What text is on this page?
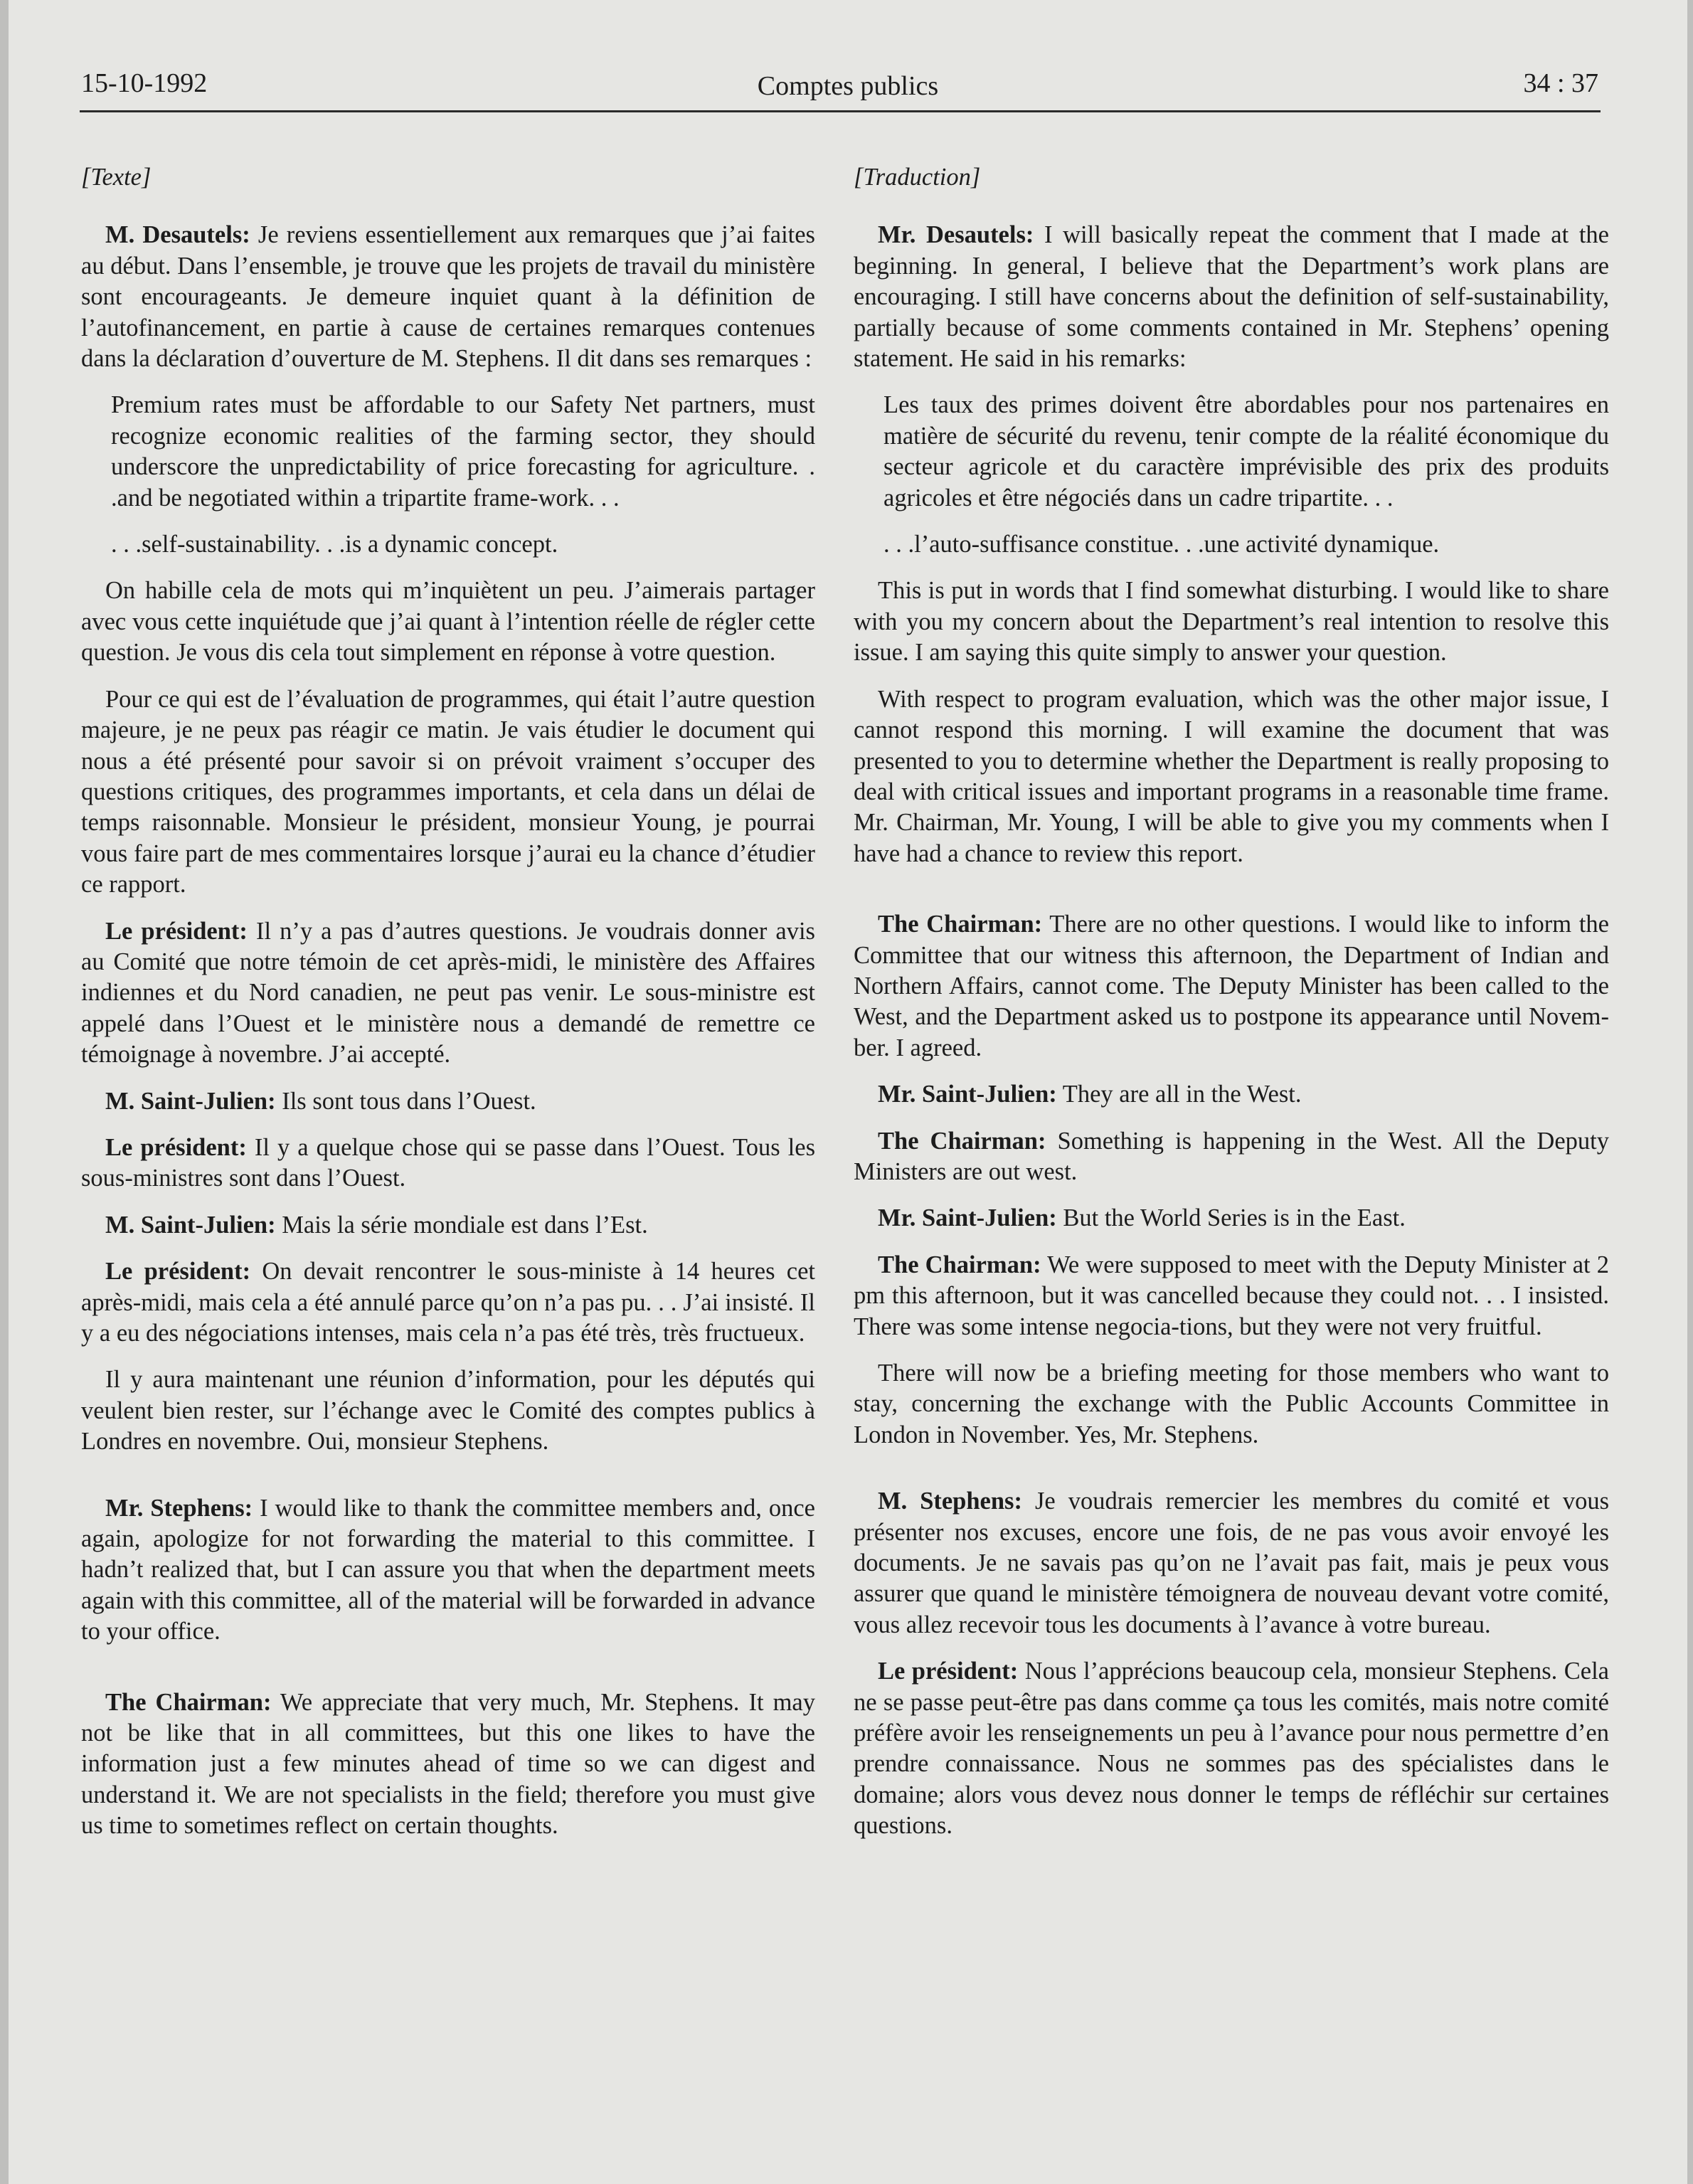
15-10-1992	Comptes publics	34 : 37
[Texte]

M. Desautels: Je reviens essentiellement aux remarques que j’ai faites au début. Dans l’ensemble, je trouve que les projets de travail du ministère sont encourageants. Je demeure inquiet quant à la définition de l’autofinancement, en partie à cause de certaines remarques contenues dans la déclaration d’ouverture de M. Stephens. Il dit dans ses remarques :

Premium rates must be affordable to our Safety Net partners, must recognize economic realities of the farming sector, they should underscore the unpredictability of price forecasting for agriculture. . .and be negotiated within a tripartite frame-work. . .

. . .self-sustainability. . .is a dynamic concept.

On habille cela de mots qui m’inquiètent un peu. J’aimerais partager avec vous cette inquiétude que j’ai quant à l’intention réelle de régler cette question. Je vous dis cela tout simplement en réponse à votre question.

Pour ce qui est de l’évaluation de programmes, qui était l’autre question majeure, je ne peux pas réagir ce matin. Je vais étudier le document qui nous a été présenté pour savoir si on prévoit vraiment s’occuper des questions critiques, des programmes importants, et cela dans un délai de temps raisonnable. Monsieur le président, monsieur Young, je pourrai vous faire part de mes commentaires lorsque j’aurai eu la chance d’étudier ce rapport.

Le président: Il n’y a pas d’autres questions. Je voudrais donner avis au Comité que notre témoin de cet après-midi, le ministère des Affaires indiennes et du Nord canadien, ne peut pas venir. Le sous-ministre est appelé dans l’Ouest et le ministère nous a demandé de remettre ce témoignage à novembre. J’ai accepté.

M. Saint-Julien: Ils sont tous dans l’Ouest.

Le président: Il y a quelque chose qui se passe dans l’Ouest. Tous les sous-ministres sont dans l’Ouest.

M. Saint-Julien: Mais la série mondiale est dans l’Est.

Le président: On devait rencontrer le sous-ministe à 14 heures cet après-midi, mais cela a été annulé parce qu’on n’a pas pu. . . J’ai insisté. Il y a eu des négociations intenses, mais cela n’a pas été très, très fructueux.

Il y aura maintenant une réunion d’information, pour les députés qui veulent bien rester, sur l’échange avec le Comité des comptes publics à Londres en novembre. Oui, monsieur Stephens.

Mr. Stephens: I would like to thank the committee members and, once again, apologize for not forwarding the material to this committee. I hadn’t realized that, but I can assure you that when the department meets again with this committee, all of the material will be forwarded in advance to your office.

The Chairman: We appreciate that very much, Mr. Stephens. It may not be like that in all committees, but this one likes to have the information just a few minutes ahead of time so we can digest and understand it. We are not specialists in the field; therefore you must give us time to sometimes reflect on certain thoughts.

[Traduction]

Mr. Desautels: I will basically repeat the comment that I made at the beginning. In general, I believe that the Department’s work plans are encouraging. I still have concerns about the definition of self-sustainability, partially because of some comments contained in Mr. Stephens’ opening statement. He said in his remarks:

Les taux des primes doivent être abordables pour nos partenaires en matière de sécurité du revenu, tenir compte de la réalité économique du secteur agricole et du caractère imprévisible des prix des produits agricoles et être négociés dans un cadre tripartite. . .

. . .l’auto-suffisance constitue. . .une activité dynamique.

This is put in words that I find somewhat disturbing. I would like to share with you my concern about the Department’s real intention to resolve this issue. I am saying this quite simply to answer your question.

With respect to program evaluation, which was the other major issue, I cannot respond this morning. I will examine the document that was presented to you to determine whether the Department is really proposing to deal with critical issues and important programs in a reasonable time frame. Mr. Chairman, Mr. Young, I will be able to give you my comments when I have had a chance to review this report.

The Chairman: There are no other questions. I would like to inform the Committee that our witness this afternoon, the Department of Indian and Northern Affairs, cannot come. The Deputy Minister has been called to the West, and the Department asked us to postpone its appearance until Novem-ber. I agreed.

Mr. Saint-Julien: They are all in the West.

The Chairman: Something is happening in the West. All the Deputy Ministers are out west.

Mr. Saint-Julien: But the World Series is in the East.

The Chairman: We were supposed to meet with the Deputy Minister at 2 pm this afternoon, but it was cancelled because they could not. . . I insisted. There was some intense negocia-tions, but they were not very fruitful.

There will now be a briefing meeting for those members who want to stay, concerning the exchange with the Public Accounts Committee in London in November. Yes, Mr. Stephens.

M. Stephens: Je voudrais remercier les membres du comité et vous présenter nos excuses, encore une fois, de ne pas vous avoir envoyé les documents. Je ne savais pas qu’on ne l’avait pas fait, mais je peux vous assurer que quand le ministère témoignera de nouveau devant votre comité, vous allez recevoir tous les documents à l’avance à votre bureau.

Le président: Nous l’apprécions beaucoup cela, monsieur Stephens. Cela ne se passe peut-être pas dans comme ça tous les comités, mais notre comité préfère avoir les renseignements un peu à l’avance pour nous permettre d’en prendre connaissance. Nous ne sommes pas des spécialistes dans le domaine; alors vous devez nous donner le temps de réfléchir sur certaines questions.
